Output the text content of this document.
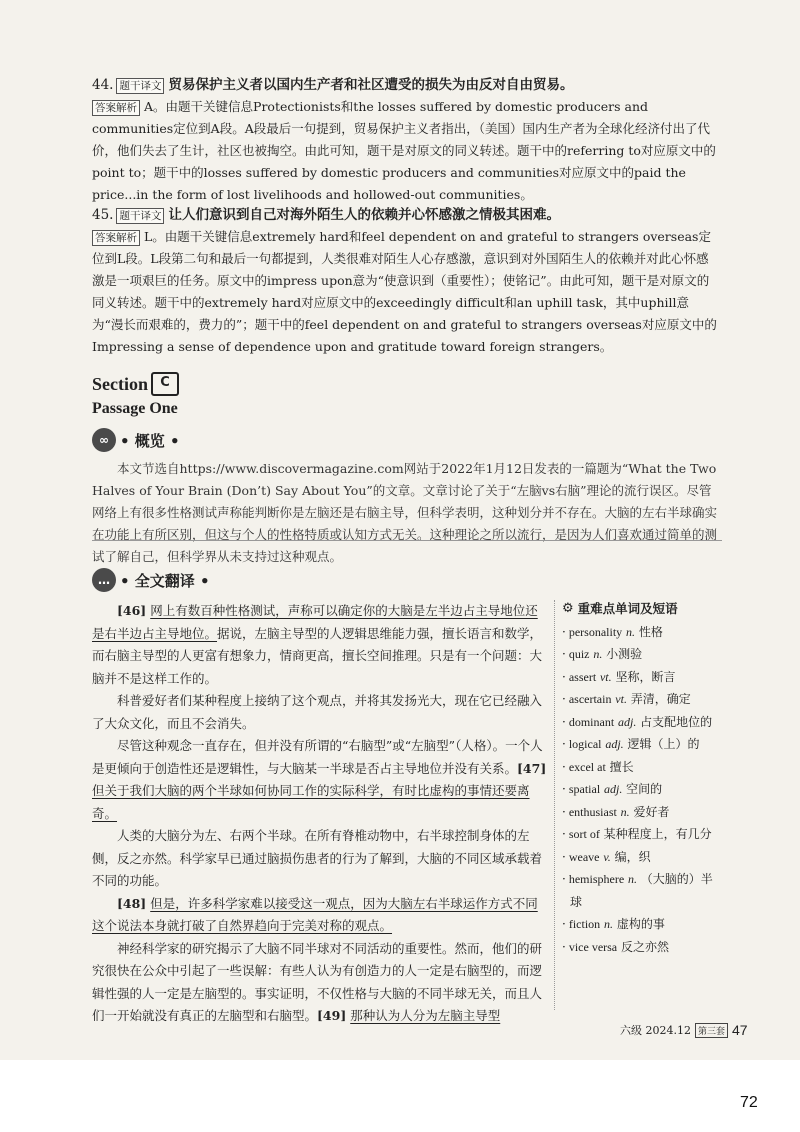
44. 题干译文 贸易保护主义者以国内生产者和社区遭受的损失为由反对自由贸易。
答案解析 A。由题干关键信息Protectionists和the losses suffered by domestic producers and communities定位到A段。A段最后一句提到，贸易保护主义者指出，（美国）国内生产者为全球化经济付出了代价，他们失去了生计，社区也被掏空。由此可知，题干是对原文的同义转述。题干中的referring to对应原文中的point to；题干中的losses suffered by domestic producers and communities对应原文中的paid the price...in the form of lost livelihoods and hollowed-out communities。
45. 题干译文 让人们意识到自己对海外陌生人的依赖并心怀感激之情极其困难。
答案解析 L。由题干关键信息extremely hard和feel dependent on and grateful to strangers overseas定位到L段。L段第二句和最后一句都提到，人类很难对陌生人心存感激，意识到对外国陌生人的依赖并对此心怀感激是一项艰巨的任务。原文中的impress upon意为“使意识到（重要性）；使铭记”。由此可知，题干是对原文的同义转述。题干中的extremely hard对应原文中的exceedingly difficult和an uphill task，其中uphill意为“漫长而艰难的，费力的”；题干中的feel dependent on and grateful to strangers overseas对应原文中的Impressing a sense of dependence upon and gratitude toward foreign strangers。
Section C
Passage One
∞ • 概览 •

本文节选自https://www.discovermagazine.com网站于2022年1月12日发表的一篇题为“What the Two Halves of Your Brain (Don’t) Say About You”的文章。文章讨论了关于“左脑vs右脑”理论的流行误区。尽管网络上有很多性格测试声称能判断你是左脑还是右脑主导，但科学表明，这种划分并不存在。大脑的左右半球确实在功能上有所区别，但这与个人的性格特质或认知方式无关。这种理论之所以流行，是因为人们喜欢通过简单的测试了解自己，但科学界从未支持过这种观点。

… • 全文翻译 •

[46] 网上有数百种性格测试，声称可以确定你的大脑是左半边占主导地位还是右半边占主导地位。据说，左脑主导型的人逻辑思维能力强，擅长语言和数学，而右脑主导型的人更富有想象力，情商更高，擅长空间推理。只是有一个问题：大脑并不是这样工作的。

科普爱好者们某种程度上接纳了这个观点，并将其发扬光大，现在它已经融入了大众文化，而且不会消失。

尽管这种观念一直存在，但并没有所谓的“右脑型”或“左脑型”（人格）。一个人是更倾向于创造性还是逻辑性，与大脑某一半球是否占主导地位并没有关系。[47] 但关于我们大脑的两个半球如何协同工作的实际科学，有时比虚构的事情还要离奇。

人类的大脑分为左、右两个半球。在所有脊椎动物中，右半球控制身体的左侧，反之亦然。科学家早已通过脑损伤患者的行为了解到，大脑的不同区域承载着不同的功能。

[48] 但是，许多科学家难以接受这一观点，因为大脑左右半球运作方式不同这个说法本身就打破了自然界趋向于完美对称的观点。

神经科学家的研究揭示了大脑不同半球对不同活动的重要性。然而，他们的研究很快在公众中引起了一些误解：有些人认为有创造力的人一定是右脑型的，而逻辑性强的人一定是左脑型的。事实证明，不仅性格与大脑的不同半球无关，而且人们一开始就没有真正的左脑型和右脑型。[49] 那种认为人分为左脑主导型

⚙ 重难点单词及短语
· personality n. 性格
· quiz n. 小测验
· assert vt. 坚称，断言
· ascertain vt. 弄清，确定
· dominant adj. 占支配地位的
· logical adj. 逻辑（上）的
· excel at 擅长
· spatial adj. 空间的
· enthusiast n. 爱好者
· sort of 某种程度上，有几分
· weave v. 编，织
· hemisphere n. （大脑的）半球
· fiction n. 虚构的事
· vice versa 反之亦然
六级 2024.12 第三套 47
72
